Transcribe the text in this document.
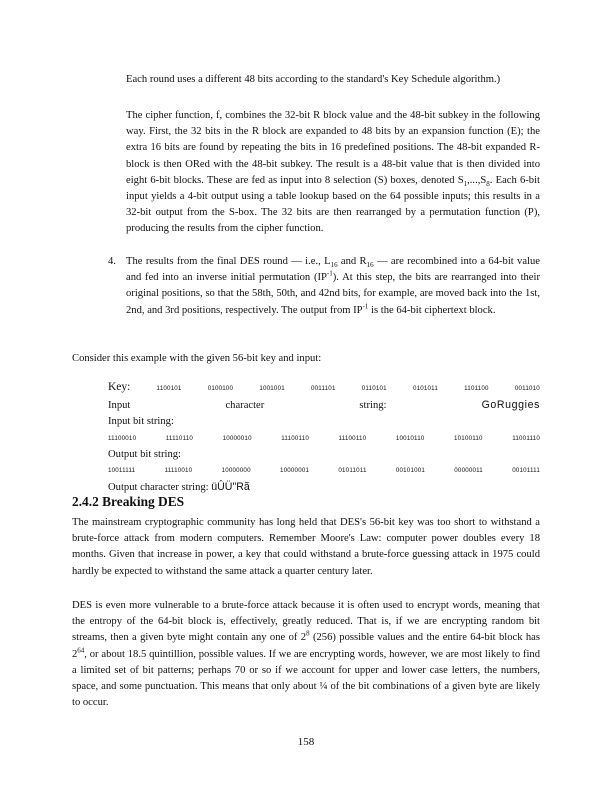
Each round uses a different 48 bits according to the standard's Key Schedule algorithm.)

The cipher function, f, combines the 32-bit R block value and the 48-bit subkey in the following way. First, the 32 bits in the R block are expanded to 48 bits by an expansion function (E); the extra 16 bits are found by repeating the bits in 16 predefined positions. The 48-bit expanded R-block is then ORed with the 48-bit subkey. The result is a 48-bit value that is then divided into eight 6-bit blocks. These are fed as input into 8 selection (S) boxes, denoted $S_1,...,S_8$. Each 6-bit input yields a 4-bit output using a table lookup based on the 64 possible inputs; this results in a 32-bit output from the S-box. The 32 bits are then rearranged by a permutation function (P), producing the results from the cipher function.

4. The results from the final DES round — i.e., $L_{16}$ and $R_{16}$ — are recombined into a 64-bit value and fed into an inverse initial permutation $(IP^{-1})$. At this step, the bits are rearranged into their original positions, so that the 58th, 50th, and 42nd bits, for example, are moved back into the 1st, 2nd, and 3rd positions, respectively. The output from $IP^{-1}$ is the 64-bit ciphertext block.

Consider this example with the given 56-bit key and input:

Key:	1100101	0100100	1001001	0011101	0110101	0101011	1101100	0011010
Input	character	string:	GoRuggies
Input bit string:
11100010	11110110	10000010	11100110	11100110	10010110	10100110	11001110
Output bit string:
10011111	11110010	10000000	10000001	01011011	00101001	00000011	00101111
Output character string: üÛÜ"Rã
2.4.2 Breaking DES

The mainstream cryptographic community has long held that DES's 56-bit key was too short to withstand a brute-force attack from modern computers. Remember Moore's Law: computer power doubles every 18 months. Given that increase in power, a key that could withstand a brute-force guessing attack in 1975 could hardly be expected to withstand the same attack a quarter century later.

DES is even more vulnerable to a brute-force attack because it is often used to encrypt words, meaning that the entropy of the 64-bit block is, effectively, greatly reduced. That is, if we are encrypting random bit streams, then a given byte might contain any one of $2^8$ (256) possible values and the entire 64-bit block has $2^{64}$, or about 18.5 quintillion, possible values. If we are encrypting words, however, we are most likely to find a limited set of bit patterns; perhaps 70 or so if we account for upper and lower case letters, the numbers, space, and some punctuation. This means that only about ¼ of the bit combinations of a given byte are likely to occur.

158
